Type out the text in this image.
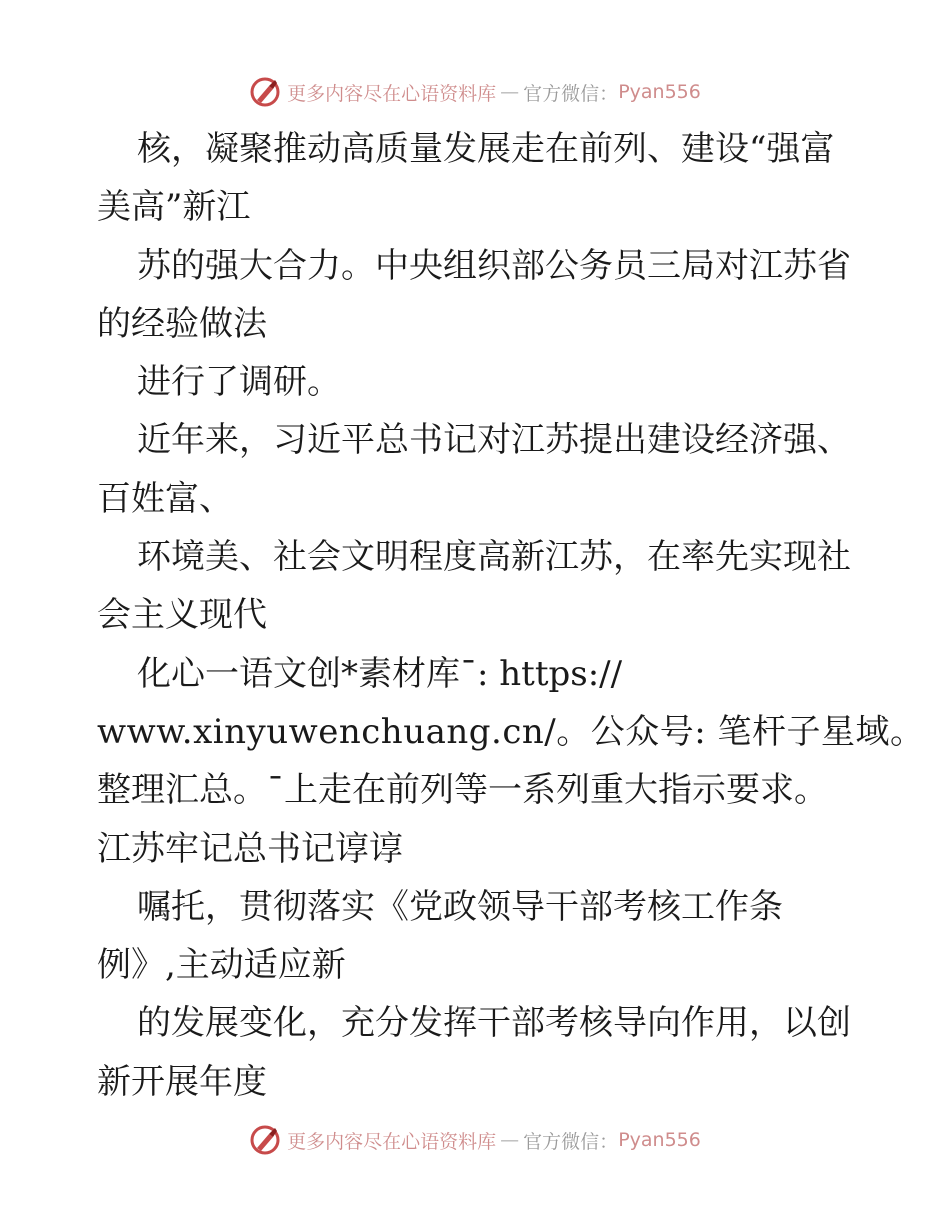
更多内容尽在心语资料库 — 官方微信： Pyan556
核，凝聚推动高质量发展走在前列、建设“强富
美高”新江
苏的强大合力。中央组织部公务员三局对江苏省
的经验做法
进行了调研。
近年来，习近平总书记对江苏提出建设经济强、
百姓富、
环境美、社会文明程度高新江苏，在率先实现社
会主义现代
化心一语文创*素材库¯: https://
www.xinyuwenchuang.cn/。公众号: 笔杆子星域。
整理汇总。¯上走在前列等一系列重大指示要求。
江苏牢记总书记谆谆
嘱托，贯彻落实《党政领导干部考核工作条
例》,主动适应新
的发展变化，充分发挥干部考核导向作用，以创
新开展年度
更多内容尽在心语资料库 — 官方微信： Pyan556
